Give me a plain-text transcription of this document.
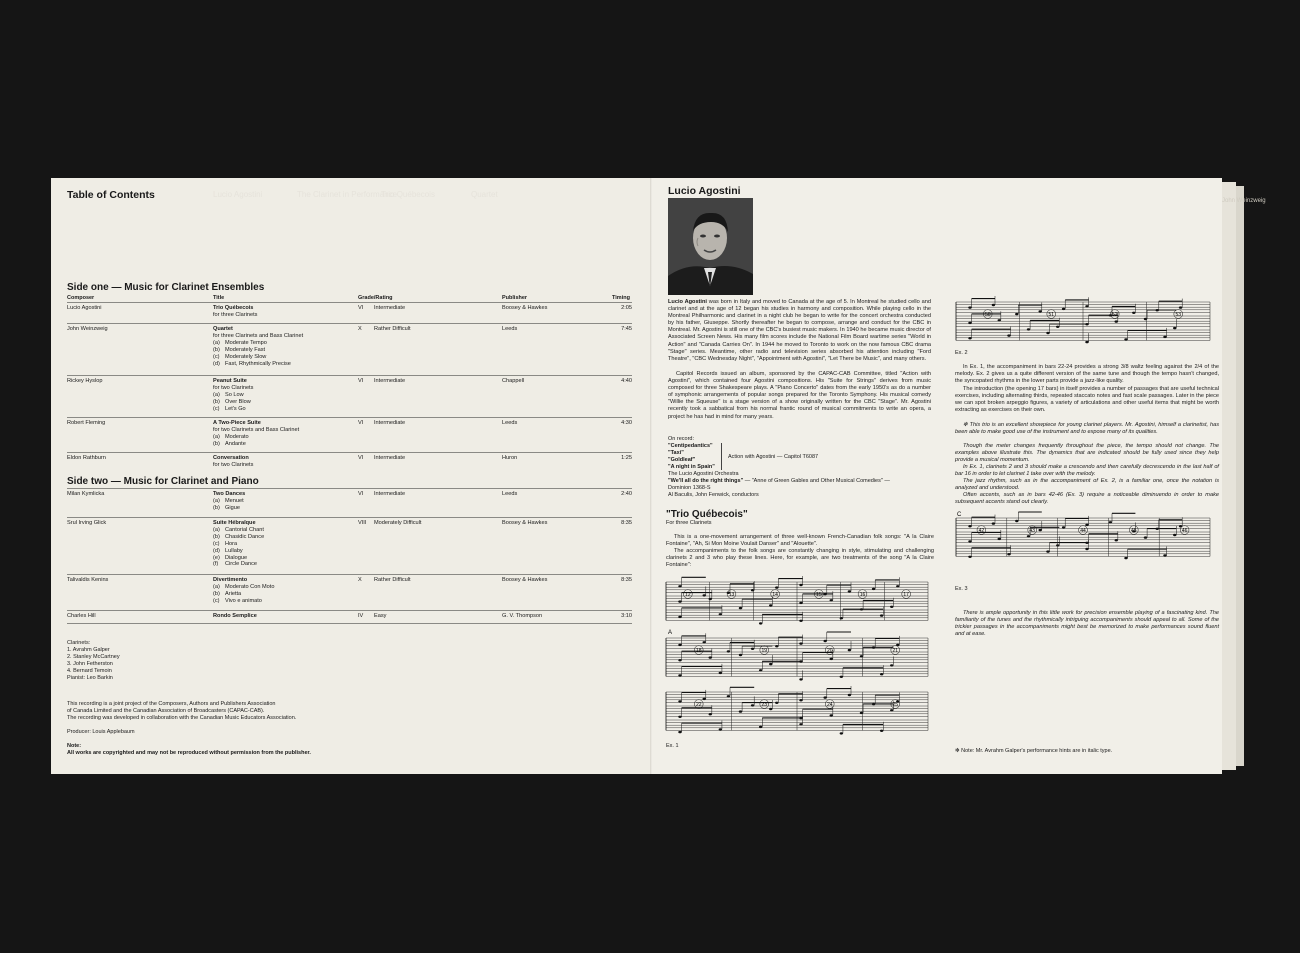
John Weinzweig
Table of Contents	Lucio Agostini	The Clarinet in Performance
Trio Québecois	Quartet
Side one — Music for Clarinet Ensembles
Composer	Title	Grade/Rating	Publisher	Timing
Lucio Agostini	Trio Québecois
for three Clarinets
VI Intermediate	Boosey & Hawkes	2:05
John Weinzweig	Quartet
for three Clarinets and Bass Clarinet
(a) Moderate Tempo
(b) Moderately Fast
(c) Moderately Slow
(d) Fast, Rhythmically Precise
X Rather Difficult	Leeds	7:45
Rickey Hyslop	Peanut Suite
for two Clarinets
(a) So Low
(b) Over Blow
(c) Let's Go
VI Intermediate	Chappell	4:40
Robert Fleming	A Two-Piece Suite
for two Clarinets and Bass Clarinet
(a) Moderato
(b) Andante
VI Intermediate	Leeds	4:30
Eldon Rathburn	Conversation
for two Clarinets
VI Intermediate	Huron	1:25
Side two — Music for Clarinet and Piano
Milan Kymlicka	Two Dances
(a) Menuet
(b) Gigue
VI Intermediate	Leeds	2:40
Srul Irving Glick	Suite Hébraïque
(a) Cantorial Chant
(b) Chasidic Dance
(c) Hora
(d) Lullaby
(e) Dialogue
(f)	Circle Dance
VIII Moderately Difficult	Boosey & Hawkes	8:35
Talivaldis Kenins	Divertimento
(a) Moderato Con Moto
(b) Arietta
(c) Vivo e animato
X Rather Difficult	Boosey & Hawkes	8:35
Charles Hill	Rondo Semplice	IV Easy	G. V. Thompson	3:10
Clarinets:
1. Avrahm Galper
2. Stanley McCartney
3. John Fetherston
4. Bernard Temoin
Pianist: Leo Barkin
This recording is a joint project of the Composers, Authors and Publishers Association
of Canada Limited and the Canadian Association of Broadcasters (CAPAC-CAB).
The recording was developed in collaboration with the Canadian Music Educators Association.
Producer: Louis Applebaum
Note:
All works are copyrighted and may not be reproduced without permission from the publisher.
Lucio Agostini
Lucio Agostini was born in Italy and moved to Canada at the age of 5. In Montreal he studied cello and clarinet and at the age of 12 began his studies in harmony and composition. While playing cello in the Montreal Philharmonic and clarinet in a night club he began to write for the concert orchestra conducted by his father, Giuseppe. Shortly thereafter he began to compose, arrange and conduct for the CBC in Montreal. Mr. Agostini is still one of the CBC's busiest music makers. In 1940 he became music director of Associated Screen News. His many film scores include the National Film Board wartime series "World in Action" and "Canada Carries On". In 1944 he moved to Toronto to work on the now famous CBC drama "Stage" series. Meantime, other radio and television series absorbed his attention including "Ford Theatre", "CBC Wednesday Night", "Appointment with Agostini", "Let There be Music", and many others.
Capitol Records issued an album, sponsored by the CAPAC-CAB Committee, titled "Action with Agostini", which contained four Agostini compositions. His "Suite for Strings" derives from music composed for three Shakespeare plays. A "Piano Concerto" dates from the early 1950's as do a number of symphonic arrangements of popular songs prepared for the Toronto Symphony. His musical comedy "Willie the Squeuse" is a stage version of a show originally written for the CBC "Stage". Mr. Agostini recently took a sabbatical from his normal frantic round of musical commitments to write an opera, a project he has had in mind for many years.
On record:
"Centipedantics"
"Taxi"
"Goldleaf"
"A night in Spain"
Action with Agostini — Capitol T6087
The Lucio Agostini Orchestra
"We'll all do the right things" — "Anne of Green Gables and Other Musical Comedies" —
Dominion 1368-S
Al Baculis, John Fenwick, conductors
"Trio Québecois"
For three Clarinets
This is a one-movement arrangement of three well-known French-Canadian folk songs: "A la Claire Fontaine", "Ah, Si Mon Moine Voulait Danser" and "Alouette".
The accompaniments to the folk songs are constantly changing in style, stimulating and challenging clarinets 2 and 3 who play these lines. Here, for example, are two treatments of the song "A la Claire Fontaine":
12	13	14	15	16	17
18	19	20	21
22	23	24	25
A
Ex. 1
50	51	52	53
Ex. 2
In Ex. 1, the accompaniment in bars 22-24 provides a strong 3/8 waltz feeling against the 2/4 of the melody. Ex. 2 gives us a quite different version of the same tune and though the tempo hasn't changed, the syncopated rhythms in the lower parts provide a jazz-like quality.
The introduction (the opening 17 bars) in itself provides a number of passages that are useful technical exercises, including alternating thirds, repeated staccato notes and fast scale passages. Later in the piece we can spot broken arpeggio figures, a variety of articulations and other useful items that might be worth extracting as exercises on their own.
✻ This trio is an excellent showpiece for young clarinet players. Mr. Agostini, himself a clarinetist, has been able to make good use of the instrument and to expose many of its qualities.
Though the meter changes frequently throughout the piece, the tempo should not change. The examples above illustrate this. The dynamics that are indicated should be fully used since they help provide a musical momentum.
In Ex. 1, clarinets 2 and 3 should make a crescendo and then carefully decrescendo in the last half of bar 16 in order to let clarinet 1 take over with the melody.
The jazz rhythm, such as in the accompaniment of Ex. 2, is a familiar one, once the notation is analyzed and understood.
Often accents, such as in bars 42-46 (Ex. 3) require a noticeable diminuendo in order to make subsequent accents stand out clearly.
42	43	44	45	46
C
Ex. 3
There is ample opportunity in this little work for precision ensemble playing of a fascinating kind. The familiarity of the tunes and the rhythmically intriguing accompaniments should appeal to all. Some of the trickier passages in the accompaniments might best be memorized to make performances sound fluent and at ease.
✻ Note: Mr. Avrahm Galper's performance hints are in italic type.
